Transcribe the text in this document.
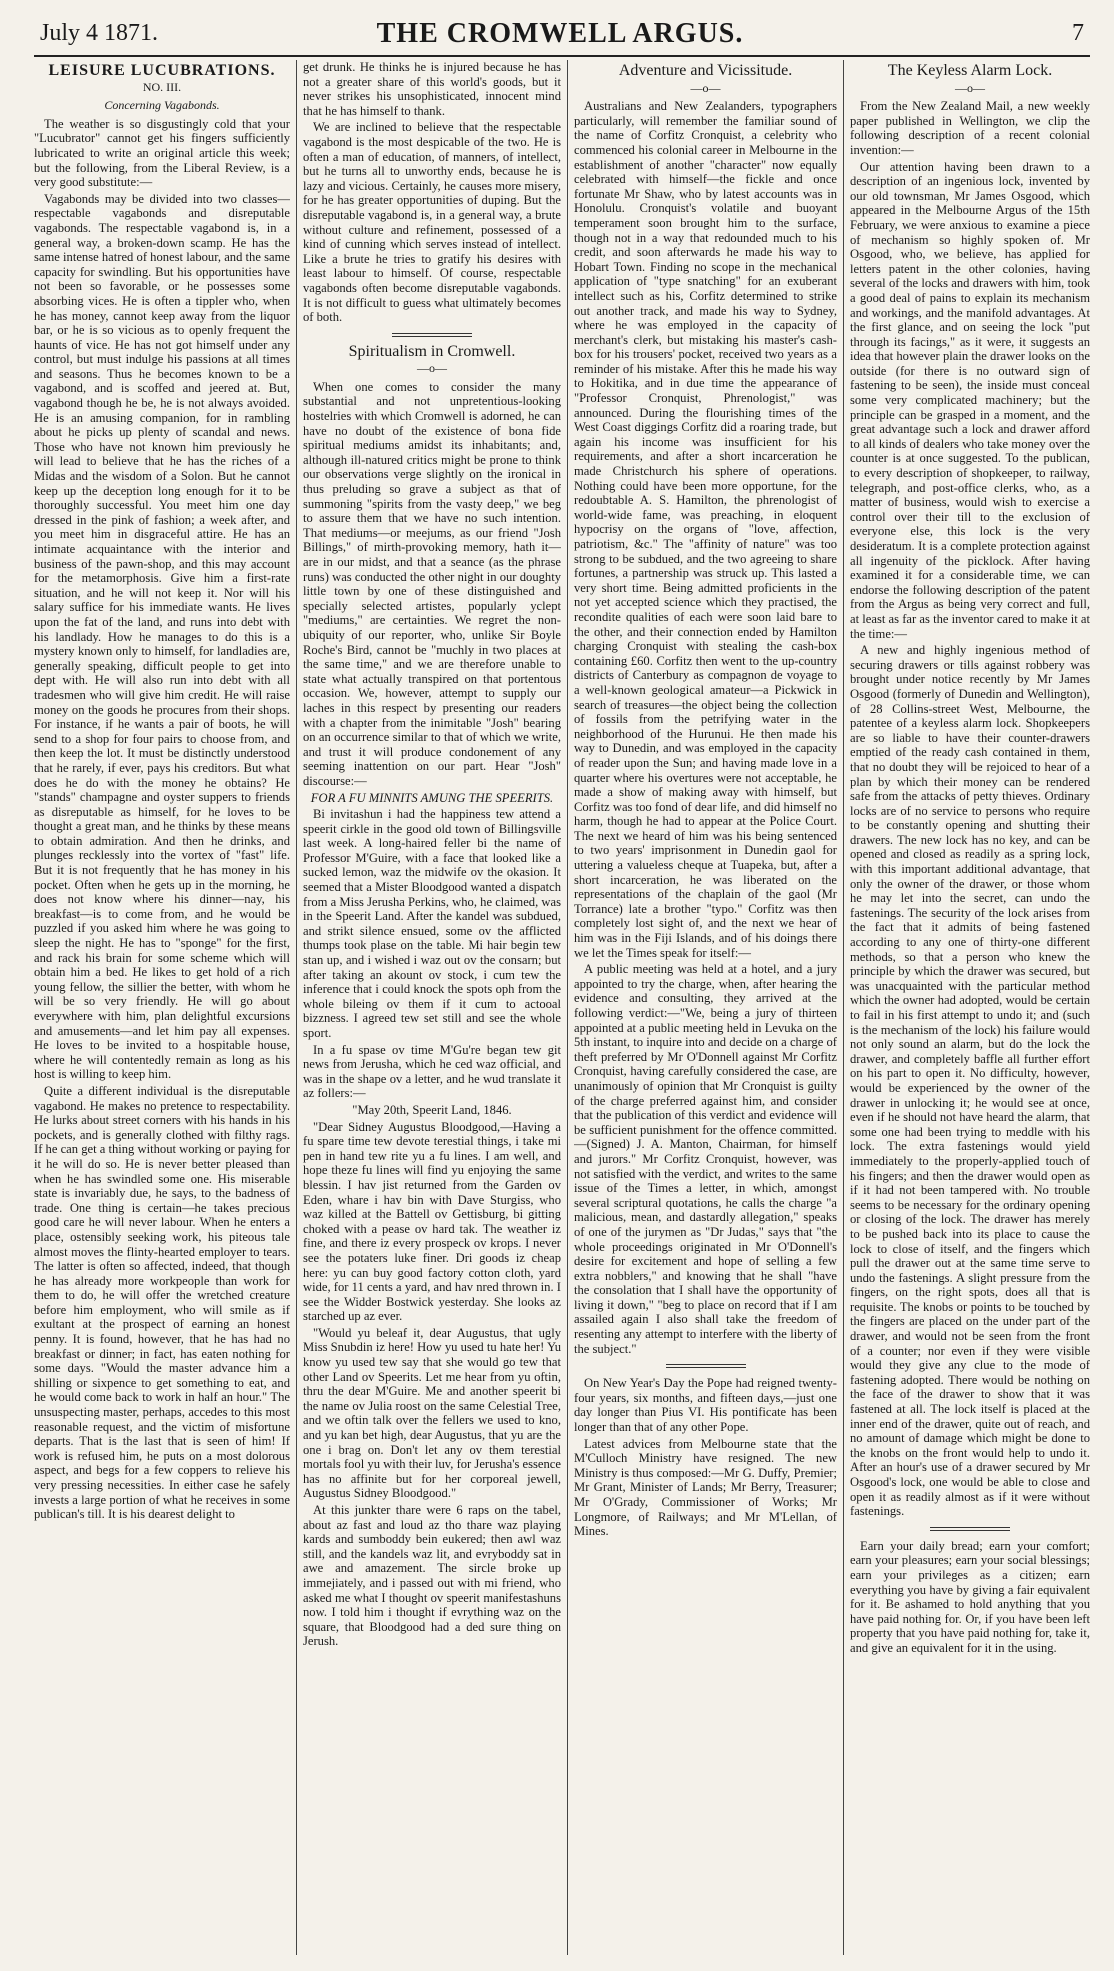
July 4 1871.	THE CROMWELL ARGUS.	7
LEISURE LUCUBRATIONS.
NO. III.
Concerning Vagabonds.

The weather is so disgustingly cold that your "Lucubrator" cannot get his fingers sufficiently lubricated to write an original article this week; but the following, from the Liberal Review, is a very good substitute:—

Vagabonds may be divided into two classes—respectable vagabonds and disreputable vagabonds. The respectable vagabond is, in a general way, a broken-down scamp. He has the same intense hatred of honest labour, and the same capacity for swindling. But his opportunities have not been so favorable, or he possesses some absorbing vices. He is often a tippler who, when he has money, cannot keep away from the liquor bar, or he is so vicious as to openly frequent the haunts of vice. He has not got himself under any control, but must indulge his passions at all times and seasons. Thus he becomes known to be a vagabond, and is scoffed and jeered at. But, vagabond though he be, he is not always avoided. He is an amusing companion, for in rambling about he picks up plenty of scandal and news. Those who have not known him previously he will lead to believe that he has the riches of a Midas and the wisdom of a Solon. But he cannot keep up the deception long enough for it to be thoroughly successful. You meet him one day dressed in the pink of fashion; a week after, and you meet him in disgraceful attire. He has an intimate acquaintance with the interior and business of the pawn-shop, and this may account for the metamorphosis. Give him a first-rate situation, and he will not keep it. Nor will his salary suffice for his immediate wants. He lives upon the fat of the land, and runs into debt with his landlady. How he manages to do this is a mystery known only to himself, for landladies are, generally speaking, difficult people to get into dept with. He will also run into debt with all tradesmen who will give him credit. He will raise money on the goods he procures from their shops. For instance, if he wants a pair of boots, he will send to a shop for four pairs to choose from, and then keep the lot. It must be distinctly understood that he rarely, if ever, pays his creditors. But what does he do with the money he obtains? He "stands" champagne and oyster suppers to friends as disreputable as himself, for he loves to be thought a great man, and he thinks by these means to obtain admiration. And then he drinks, and plunges recklessly into the vortex of "fast" life. But it is not frequently that he has money in his pocket. Often when he gets up in the morning, he does not know where his dinner—nay, his breakfast—is to come from, and he would be puzzled if you asked him where he was going to sleep the night. He has to "sponge" for the first, and rack his brain for some scheme which will obtain him a bed. He likes to get hold of a rich young fellow, the sillier the better, with whom he will be so very friendly. He will go about everywhere with him, plan delightful excursions and amusements—and let him pay all expenses. He loves to be invited to a hospitable house, where he will contentedly remain as long as his host is willing to keep him.

Quite a different individual is the disreputable vagabond. He makes no pretence to respectability. He lurks about street corners with his hands in his pockets, and is generally clothed with filthy rags. If he can get a thing without working or paying for it he will do so. He is never better pleased than when he has swindled some one. His miserable state is invariably due, he says, to the badness of trade. One thing is certain—he takes precious good care he will never labour. When he enters a place, ostensibly seeking work, his piteous tale almost moves the flinty-hearted employer to tears. The latter is often so affected, indeed, that though he has already more workpeople than work for them to do, he will offer the wretched creature before him employment, who will smile as if exultant at the prospect of earning an honest penny. It is found, however, that he has had no breakfast or dinner; in fact, has eaten nothing for some days. "Would the master advance him a shilling or sixpence to get something to eat, and he would come back to work in half an hour." The unsuspecting master, perhaps, accedes to this most reasonable request, and the victim of misfortune departs. That is the last that is seen of him! If work is refused him, he puts on a most dolorous aspect, and begs for a few coppers to relieve his very pressing necessities. In either case he safely invests a large portion of what he receives in some publican's till. It is his dearest delight to

get drunk. He thinks he is injured because he has not a greater share of this world's goods, but it never strikes his unsophisticated, innocent mind that he has himself to thank.

We are inclined to believe that the respectable vagabond is the most despicable of the two. He is often a man of education, of manners, of intellect, but he turns all to unworthy ends, because he is lazy and vicious. Certainly, he causes more misery, for he has greater opportunities of duping. But the disreputable vagabond is, in a general way, a brute without culture and refinement, possessed of a kind of cunning which serves instead of intellect. Like a brute he tries to gratify his desires with least labour to himself. Of course, respectable vagabonds often become disreputable vagabonds. It is not difficult to guess what ultimately becomes of both.

Spiritualism in Cromwell.
—o—

When one comes to consider the many substantial and not unpretentious-looking hostelries with which Cromwell is adorned, he can have no doubt of the existence of bona fide spiritual mediums amidst its inhabitants; and, although ill-natured critics might be prone to think our observations verge slightly on the ironical in thus preluding so grave a subject as that of summoning "spirits from the vasty deep," we beg to assure them that we have no such intention. That mediums—or meejums, as our friend "Josh Billings," of mirth-provoking memory, hath it—are in our midst, and that a seance (as the phrase runs) was conducted the other night in our doughty little town by one of these distinguished and specially selected artistes, popularly yclept "mediums," are certainties. We regret the non-ubiquity of our reporter, who, unlike Sir Boyle Roche's Bird, cannot be "muchly in two places at the same time," and we are therefore unable to state what actually transpired on that portentous occasion. We, however, attempt to supply our laches in this respect by presenting our readers with a chapter from the inimitable "Josh" bearing on an occurrence similar to that of which we write, and trust it will produce condonement of any seeming inattention on our part. Hear "Josh" discourse:—

FOR A FU MINNITS AMUNG THE SPEERITS.

Bi invitashun i had the happiness tew attend a speerit cirkle in the good old town of Billingsville last week. A long-haired feller bi the name of Professor M'Guire, with a face that looked like a sucked lemon, waz the midwife ov the okasion. It seemed that a Mister Bloodgood wanted a dispatch from a Miss Jerusha Perkins, who, he claimed, was in the Speerit Land. After the kandel was subdued, and strikt silence ensued, some ov the afflicted thumps took plase on the table. Mi hair begin tew stan up, and i wished i waz out ov the consarn; but after taking an akount ov stock, i cum tew the inference that i could knock the spots oph from the whole bileing ov them if it cum to actooal bizzness. I agreed tew set still and see the whole sport.

In a fu spase ov time M'Gu're began tew git news from Jerusha, which he ced waz official, and was in the shape ov a letter, and he wud translate it az follers:—

"May 20th, Speerit Land, 1846.

"Dear Sidney Augustus Bloodgood,—Having a fu spare time tew devote terestial things, i take mi pen in hand tew rite yu a fu lines. I am well, and hope theze fu lines will find yu enjoying the same blessin. I hav jist returned from the Garden ov Eden, whare i hav bin with Dave Sturgiss, who waz killed at the Battell ov Gettisburg, bi gitting choked with a pease ov hard tak. The weather iz fine, and there iz every prospeck ov krops. I never see the potaters luke finer. Dri goods iz cheap here: yu can buy good factory cotton cloth, yard wide, for 11 cents a yard, and hav nred thrown in. I see the Widder Bostwick yesterday. She looks az starched up az ever.

"Would yu beleaf it, dear Augustus, that ugly Miss Snubdin iz here! How yu used tu hate her! Yu know yu used tew say that she would go tew that other Land ov Speerits. Let me hear from yu oftin, thru the dear M'Guire. Me and another speerit bi the name ov Julia roost on the same Celestial Tree, and we oftin talk over the fellers we used to kno, and yu kan bet high, dear Augustus, that yu are the one i brag on. Don't let any ov them terestial mortals fool yu with their luv, for Jerusha's essence has no affinite but for her corporeal jewell, Augustus Sidney Bloodgood."

At this junkter thare were 6 raps on the tabel, about az fast and loud az tho thare waz playing kards and sumboddy bein eukered; then awl waz still, and the kandels waz lit, and evryboddy sat in awe and amazement. The sircle broke up immejiately, and i passed out with mi friend, who asked me what I thought ov speerit manifestashuns now. I told him i thought if evrything waz on the square, that Bloodgood had a ded sure thing on Jerush.

Adventure and Vicissitude.
—o—

Australians and New Zealanders, typographers particularly, will remember the familiar sound of the name of Corfitz Cronquist, a celebrity who commenced his colonial career in Melbourne in the establishment of another "character" now equally celebrated with himself—the fickle and once fortunate Mr Shaw, who by latest accounts was in Honolulu. Cronquist's volatile and buoyant temperament soon brought him to the surface, though not in a way that redounded much to his credit, and soon afterwards he made his way to Hobart Town. Finding no scope in the mechanical application of "type snatching" for an exuberant intellect such as his, Corfitz determined to strike out another track, and made his way to Sydney, where he was employed in the capacity of merchant's clerk, but mistaking his master's cash-box for his trousers' pocket, received two years as a reminder of his mistake. After this he made his way to Hokitika, and in due time the appearance of "Professor Cronquist, Phrenologist," was announced. During the flourishing times of the West Coast diggings Corfitz did a roaring trade, but again his income was insufficient for his requirements, and after a short incarceration he made Christchurch his sphere of operations. Nothing could have been more opportune, for the redoubtable A. S. Hamilton, the phrenologist of world-wide fame, was preaching, in eloquent hypocrisy on the organs of "love, affection, patriotism, &c." The "affinity of nature" was too strong to be subdued, and the two agreeing to share fortunes, a partnership was struck up. This lasted a very short time. Being admitted proficients in the not yet accepted science which they practised, the recondite qualities of each were soon laid bare to the other, and their connection ended by Hamilton charging Cronquist with stealing the cash-box containing £60. Corfitz then went to the up-country districts of Canterbury as compagnon de voyage to a well-known geological amateur—a Pickwick in search of treasures—the object being the collection of fossils from the petrifying water in the neighborhood of the Hurunui. He then made his way to Dunedin, and was employed in the capacity of reader upon the Sun; and having made love in a quarter where his overtures were not acceptable, he made a show of making away with himself, but Corfitz was too fond of dear life, and did himself no harm, though he had to appear at the Police Court. The next we heard of him was his being sentenced to two years' imprisonment in Dunedin gaol for uttering a valueless cheque at Tuapeka, but, after a short incarceration, he was liberated on the representations of the chaplain of the gaol (Mr Torrance) late a brother "typo." Corfitz was then completely lost sight of, and the next we hear of him was in the Fiji Islands, and of his doings there we let the Times speak for itself:—

A public meeting was held at a hotel, and a jury appointed to try the charge, when, after hearing the evidence and consulting, they arrived at the following verdict:—"We, being a jury of thirteen appointed at a public meeting held in Levuka on the 5th instant, to inquire into and decide on a charge of theft preferred by Mr O'Donnell against Mr Corfitz Cronquist, having carefully considered the case, are unanimously of opinion that Mr Cronquist is guilty of the charge preferred against him, and consider that the publication of this verdict and evidence will be sufficient punishment for the offence committed.—(Signed) J. A. Manton, Chairman, for himself and jurors." Mr Corfitz Cronquist, however, was not satisfied with the verdict, and writes to the same issue of the Times a letter, in which, amongst several scriptural quotations, he calls the charge "a malicious, mean, and dastardly allegation," speaks of one of the jurymen as "Dr Judas," says that "the whole proceedings originated in Mr O'Donnell's desire for excitement and hope of selling a few extra nobblers," and knowing that he shall "have the consolation that I shall have the opportunity of living it down," "beg to place on record that if I am assailed again I also shall take the freedom of resenting any attempt to interfere with the liberty of the subject."

On New Year's Day the Pope had reigned twenty-four years, six months, and fifteen days,—just one day longer than Pius VI. His pontificate has been longer than that of any other Pope.

Latest advices from Melbourne state that the M'Culloch Ministry have resigned. The new Ministry is thus composed:—Mr G. Duffy, Premier; Mr Grant, Minister of Lands; Mr Berry, Treasurer; Mr O'Grady, Commissioner of Works; Mr Longmore, of Railways; and Mr M'Lellan, of Mines.

The Keyless Alarm Lock.
—o—

From the New Zealand Mail, a new weekly paper published in Wellington, we clip the following description of a recent colonial invention:—

Our attention having been drawn to a description of an ingenious lock, invented by our old townsman, Mr James Osgood, which appeared in the Melbourne Argus of the 15th February, we were anxious to examine a piece of mechanism so highly spoken of. Mr Osgood, who, we believe, has applied for letters patent in the other colonies, having several of the locks and drawers with him, took a good deal of pains to explain its mechanism and workings, and the manifold advantages. At the first glance, and on seeing the lock "put through its facings," as it were, it suggests an idea that however plain the drawer looks on the outside (for there is no outward sign of fastening to be seen), the inside must conceal some very complicated machinery; but the principle can be grasped in a moment, and the great advantage such a lock and drawer afford to all kinds of dealers who take money over the counter is at once suggested. To the publican, to every description of shopkeeper, to railway, telegraph, and post-office clerks, who, as a matter of business, would wish to exercise a control over their till to the exclusion of everyone else, this lock is the very desideratum. It is a complete protection against all ingenuity of the picklock. After having examined it for a considerable time, we can endorse the following description of the patent from the Argus as being very correct and full, at least as far as the inventor cared to make it at the time:—

A new and highly ingenious method of securing drawers or tills against robbery was brought under notice recently by Mr James Osgood (formerly of Dunedin and Wellington), of 28 Collins-street West, Melbourne, the patentee of a keyless alarm lock. Shopkeepers are so liable to have their counter-drawers emptied of the ready cash contained in them, that no doubt they will be rejoiced to hear of a plan by which their money can be rendered safe from the attacks of petty thieves. Ordinary locks are of no service to persons who require to be constantly opening and shutting their drawers. The new lock has no key, and can be opened and closed as readily as a spring lock, with this important additional advantage, that only the owner of the drawer, or those whom he may let into the secret, can undo the fastenings. The security of the lock arises from the fact that it admits of being fastened according to any one of thirty-one different methods, so that a person who knew the principle by which the drawer was secured, but was unacquainted with the particular method which the owner had adopted, would be certain to fail in his first attempt to undo it; and (such is the mechanism of the lock) his failure would not only sound an alarm, but do the lock the drawer, and completely baffle all further effort on his part to open it. No difficulty, however, would be experienced by the owner of the drawer in unlocking it; he would see at once, even if he should not have heard the alarm, that some one had been trying to meddle with his lock. The extra fastenings would yield immediately to the properly-applied touch of his fingers; and then the drawer would open as if it had not been tampered with. No trouble seems to be necessary for the ordinary opening or closing of the lock. The drawer has merely to be pushed back into its place to cause the lock to close of itself, and the fingers which pull the drawer out at the same time serve to undo the fastenings. A slight pressure from the fingers, on the right spots, does all that is requisite. The knobs or points to be touched by the fingers are placed on the under part of the drawer, and would not be seen from the front of a counter; nor even if they were visible would they give any clue to the mode of fastening adopted. There would be nothing on the face of the drawer to show that it was fastened at all. The lock itself is placed at the inner end of the drawer, quite out of reach, and no amount of damage which might be done to the knobs on the front would help to undo it. After an hour's use of a drawer secured by Mr Osgood's lock, one would be able to close and open it as readily almost as if it were without fastenings.

Earn your daily bread; earn your comfort; earn your pleasures; earn your social blessings; earn your privileges as a citizen; earn everything you have by giving a fair equivalent for it. Be ashamed to hold anything that you have paid nothing for. Or, if you have been left property that you have paid nothing for, take it, and give an equivalent for it in the using.
